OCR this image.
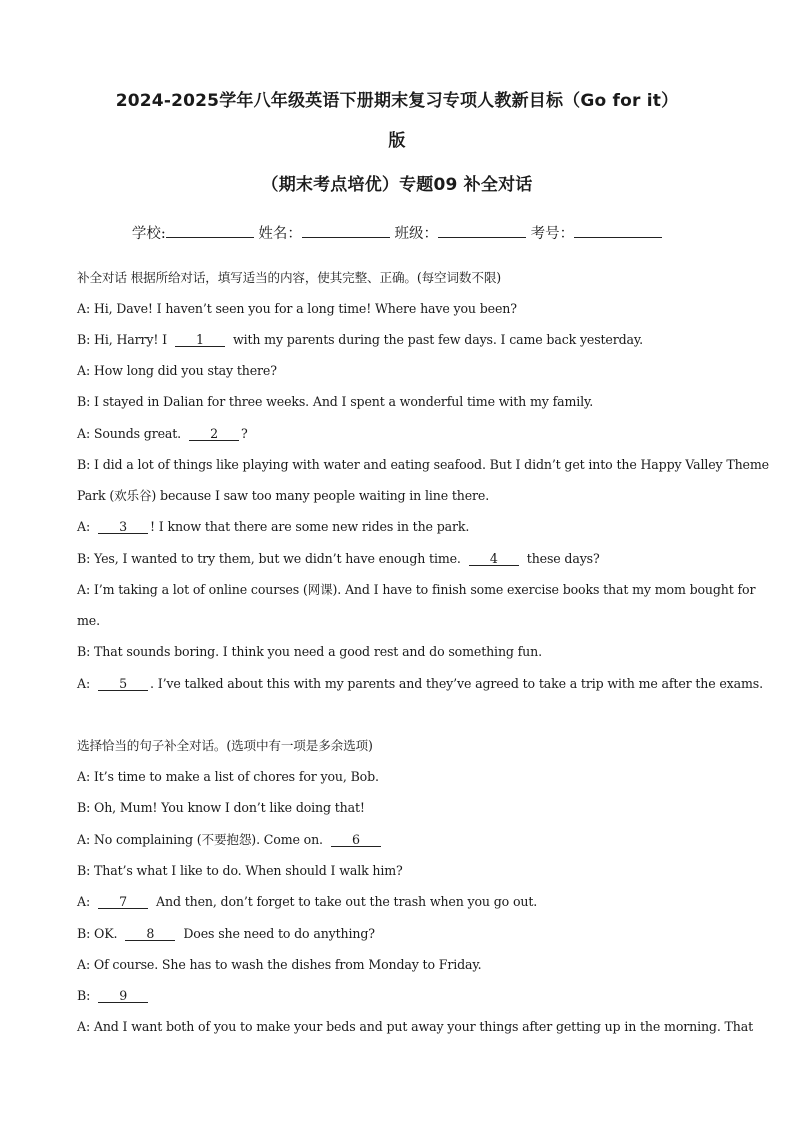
2024-2025学年八年级英语下册期末复习专项人教新目标（Go for it）
版
（期末考点培优）专题09 补全对话
学校:	姓名：	班级：	考号：
补全对话 根据所给对话，填写适当的内容，使其完整、正确。(每空词数不限)
A: Hi, Dave! I haven’t seen you for a long time! Where have you been?
B: Hi, Harry! I 1 with my parents during the past few days. I came back yesterday.
A: How long did you stay there?
B: I stayed in Dalian for three weeks. And I spent a wonderful time with my family.
A: Sounds great. 2 ?
B: I did a lot of things like playing with water and eating seafood. But I didn’t get into the Happy Valley Theme
Park (欢乐谷) because I saw too many people waiting in line there.
A: 3 ! I know that there are some new rides in the park.
B: Yes, I wanted to try them, but we didn’t have enough time. 4 these days?
A: I’m taking a lot of online courses (网课). And I have to finish some exercise books that my mom bought for
me.
B: That sounds boring. I think you need a good rest and do something fun.
A: 5 . I’ve talked about this with my parents and they’ve agreed to take a trip with me after the exams.
选择恰当的句子补全对话。(选项中有一项是多余选项)
A: It’s time to make a list of chores for you, Bob.
B: Oh, Mum! You know I don’t like doing that!
A: No complaining (不要抱怨). Come on. 6
B: That’s what I like to do. When should I walk him?
A: 7 And then, don’t forget to take out the trash when you go out.
B: OK. 8 Does she need to do anything?
A: Of course. She has to wash the dishes from Monday to Friday.
B: 9
A: And I want both of you to make your beds and put away your things after getting up in the morning. That
